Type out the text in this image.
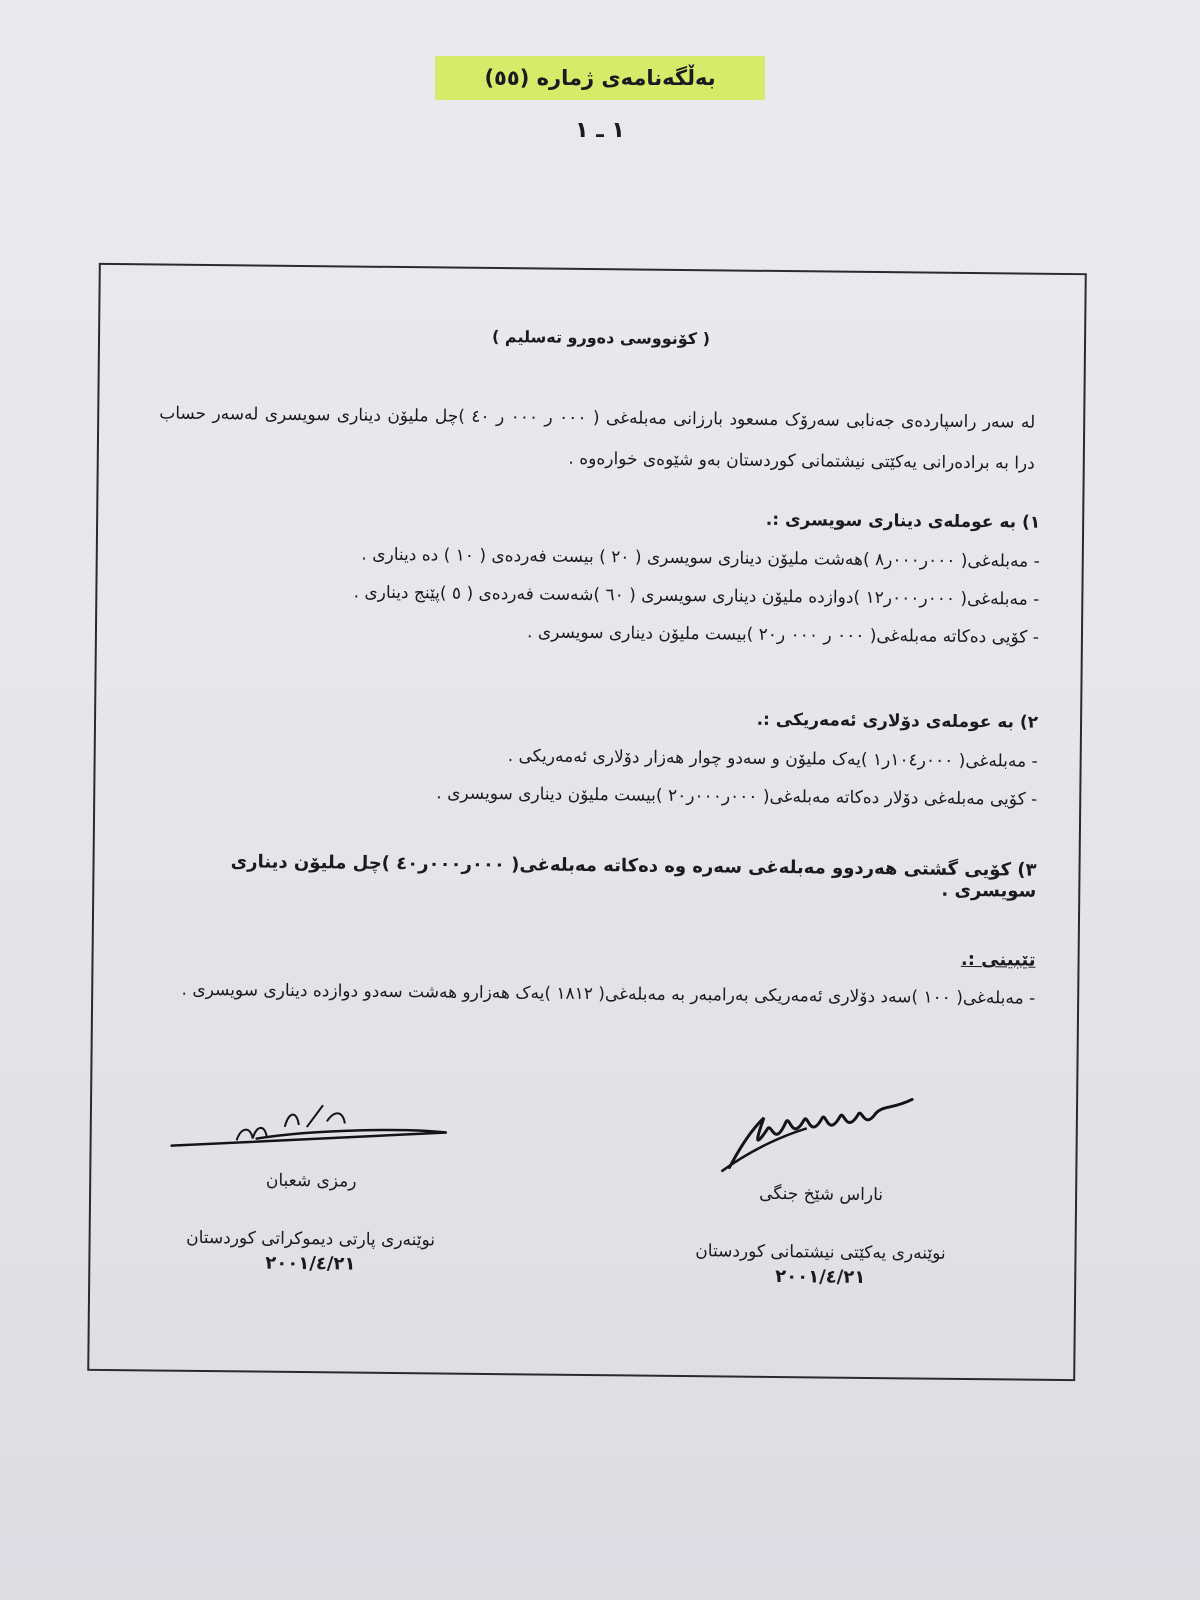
بەڵگەنامەی ژمارە (٥٥)
١ ـ ١
( کۆنووسی دەورو تەسلیم )
لە سەر راسپاردەی جەنابی سەرۆک مسعود بارزانی مەبلەغی ( ٠٠٠ ر ٠٠٠ ر ٤٠ )چل ملیۆن دیناری سویسری لەسەر حساب درا بە برادەرانی یەکێتی نیشتمانی کوردستان بەو شێوەی خوارەوە .
١) بە عوملەی دیناری سویسری :.
- مەبلەغی( ٠٠٠ر٠٠٠ر٨ )هەشت ملیۆن دیناری سویسری ( ٢٠ ) بیست فەردەی ( ١٠ ) دە دیناری .
- مەبلەغی( ٠٠٠ر٠٠٠ر١٢ )دوازدە ملیۆن دیناری سویسری ( ٦٠ )شەست فەردەی ( ٥ )پێنج دیناری .
- کۆیی دەکاتە مەبلەغی( ٠٠٠ ر ٠٠٠ ر٢٠ )بیست ملیۆن دیناری سویسری .
٢) بە عوملەی دۆلاری ئەمەریکی :.
- مەبلەغی( ٠٠٠ر١٠٤ر١ )یەک ملیۆن و سەدو چوار هەزار دۆلاری ئەمەریکی .
- کۆیی مەبلەغی دۆلار دەکاتە مەبلەغی( ٠٠٠ر٠٠٠ر٢٠ )بیست ملیۆن دیناری سویسری .
٣) کۆیی گشتی هەردوو مەبلەغی سەرە وە دەکاتە مەبلەغی( ٠٠٠ر٠٠٠ر٤٠ )چل ملیۆن دیناری سویسری .
تێبینی :.
- مەبلەغی( ١٠٠ )سەد دۆلاری ئەمەریکی بەرامبەر بە مەبلەغی( ١٨١٢ )یەک هەزارو هەشت سەدو دوازدە دیناری سویسری .
ناراس شێخ جنگی
نوێنەری یەکێتی نیشتمانی کوردستان
٢٠٠١/٤/٢١
رمزی شعبان
نوێنەری پارتی دیموکراتی کوردستان
٢٠٠١/٤/٢١
